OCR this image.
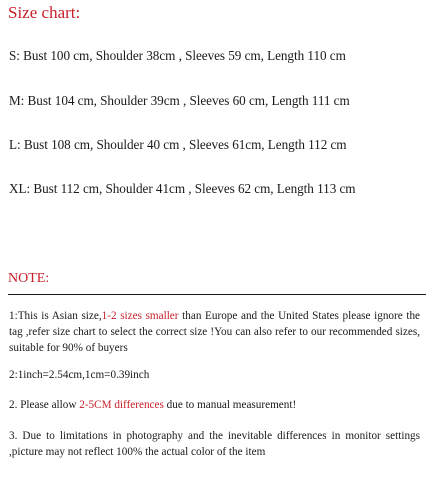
Size chart:
S: Bust 100 cm, Shoulder 38cm , Sleeves 59 cm, Length 110 cm
M: Bust 104 cm, Shoulder 39cm , Sleeves 60 cm, Length 111 cm
L: Bust 108 cm, Shoulder 40 cm , Sleeves 61cm, Length 112 cm
XL: Bust 112 cm, Shoulder 41cm , Sleeves 62 cm, Length 113 cm
NOTE:
1:This is Asian size,1-2 sizes smaller than Europe and the United States please ignore the tag ,refer size chart to select the correct size !You can also refer to our recommended sizes, suitable for 90% of buyers
2:1inch=2.54cm,1cm=0.39inch
2. Please allow 2-5CM differences due to manual measurement!
3. Due to limitations in photography and the inevitable differences in monitor settings ,picture may not reflect 100% the actual color of the item
